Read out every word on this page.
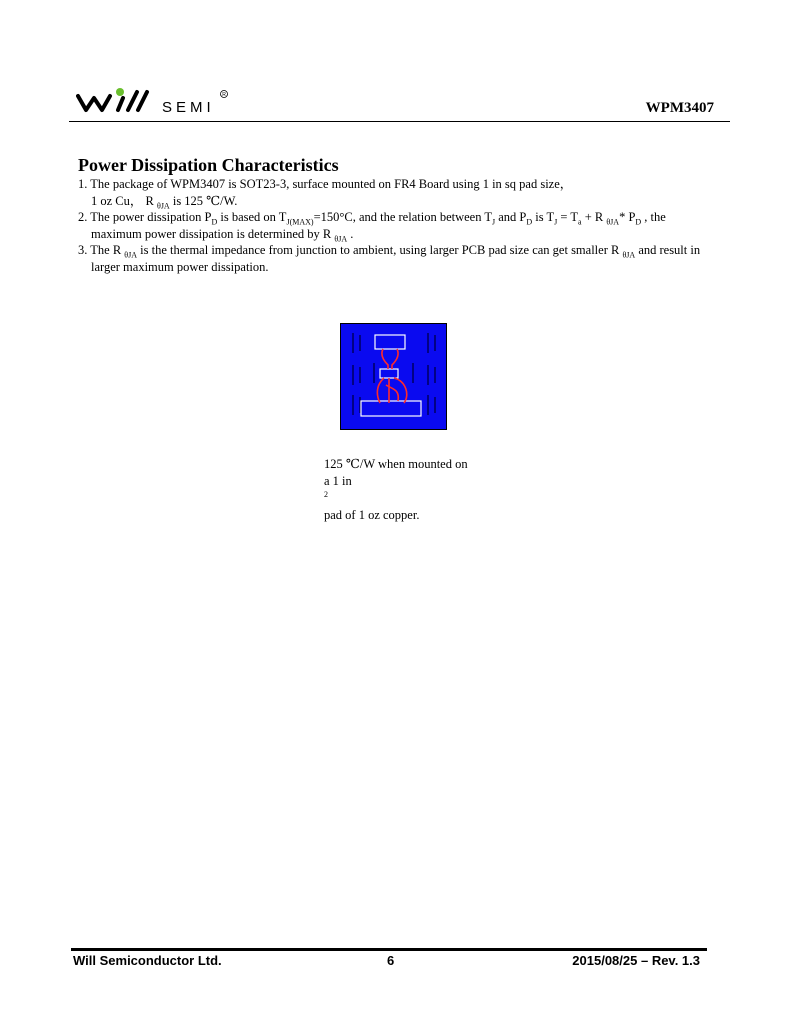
SEMI
R
WPM3407
Power Dissipation Characteristics
1. The package of WPM3407 is SOT23-3, surface mounted on FR4 Board using 1 in sq pad size，
1 oz Cu， R $_{\theta JA}$ is 125 ℃/W.
2. The power dissipation $P_D$ is based on $T_{J(MAX)}=150^\circ C$, and the relation between $T_J$ and $P_D$ is $T_J = T_a + R$ $_{\theta JA}$* $P_D$ , the
maximum power dissipation is determined by R $_{\theta JA}$ .
3. The R $_{\theta JA}$ is the thermal impedance from junction to ambient, using larger PCB pad size can get smaller R $_{\theta JA}$ and result in
larger maximum power dissipation.
125 ℃/W when mounted on
a 1 in
$^2$
pad of 1 oz copper.
Will Semiconductor Ltd.	6	2015/08/25 – Rev. 1.3
